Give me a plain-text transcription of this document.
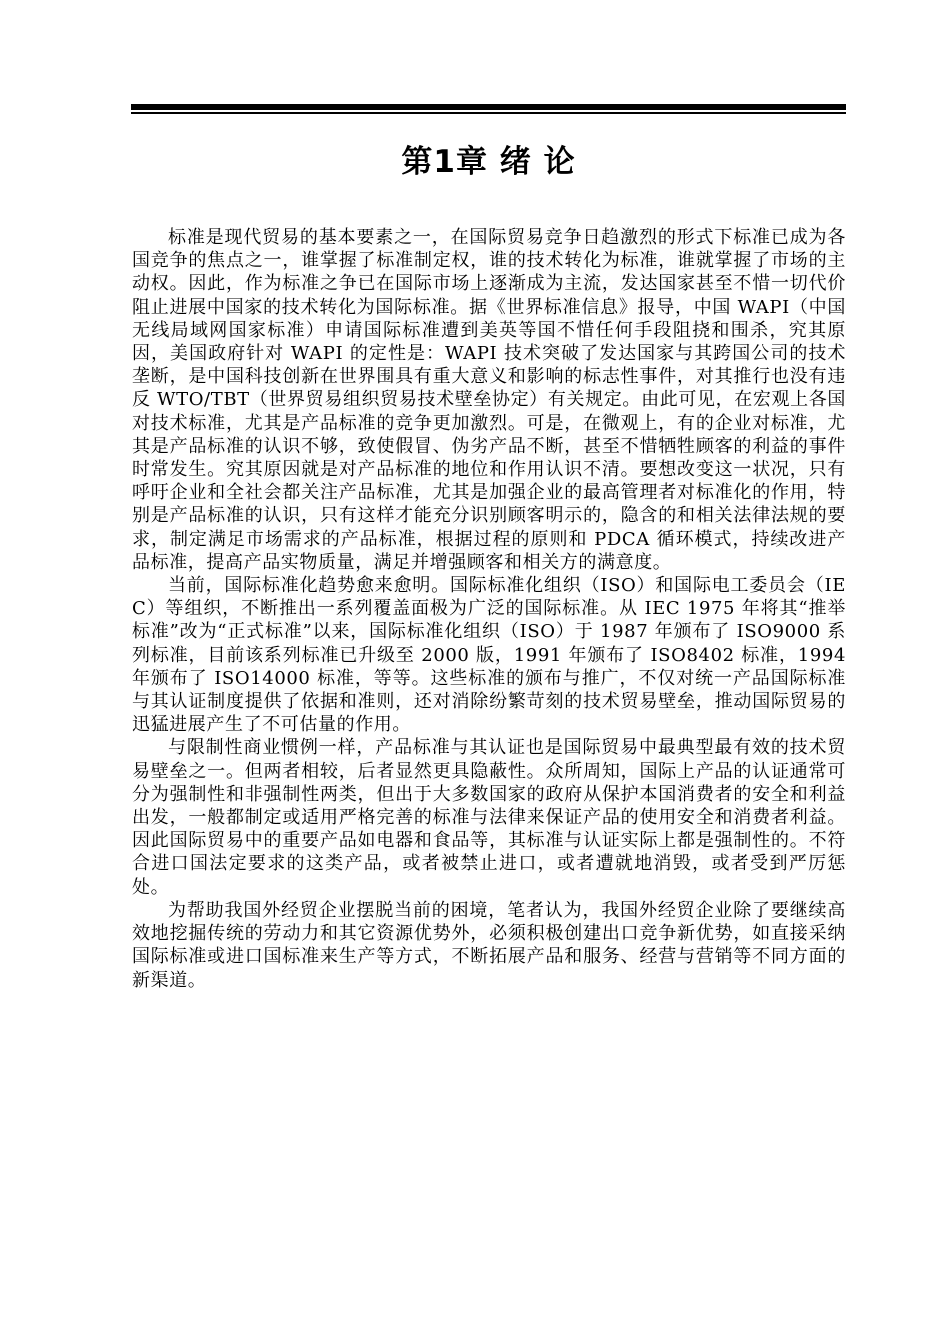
第1章 绪 论

标准是现代贸易的基本要素之一，在国际贸易竞争日趋激烈的形式下标准已成为各国竞争的焦点之一，谁掌握了标准制定权，谁的技术转化为标准，谁就掌握了市场的主动权。因此，作为标准之争已在国际市场上逐渐成为主流，发达国家甚至不惜一切代价阻止进展中国家的技术转化为国际标准。据《世界标准信息》报导，中国 WAPI（中国无线局域网国家标准）申请国际标准遭到美英等国不惜任何手段阻挠和围杀，究其原因，美国政府针对 WAPI 的定性是：WAPI 技术突破了发达国家与其跨国公司的技术垄断，是中国科技创新在世界围具有重大意义和影响的标志性事件，对其推行也没有违反 WTO/TBT（世界贸易组织贸易技术壁垒协定）有关规定。由此可见，在宏观上各国对技术标准，尤其是产品标准的竞争更加激烈。可是，在微观上，有的企业对标准，尤其是产品标准的认识不够，致使假冒、伪劣产品不断，甚至不惜牺牲顾客的利益的事件时常发生。究其原因就是对产品标准的地位和作用认识不清。要想改变这一状况，只有呼吁企业和全社会都关注产品标准，尤其是加强企业的最高管理者对标准化的作用，特别是产品标准的认识，只有这样才能充分识别顾客明示的，隐含的和相关法律法规的要求，制定满足市场需求的产品标准，根据过程的原则和 PDCA 循环模式，持续改进产品标准，提高产品实物质量，满足并增强顾客和相关方的满意度。

当前，国际标准化趋势愈来愈明。国际标准化组织（ISO）和国际电工委员会（IEC）等组织，不断推出一系列覆盖面极为广泛的国际标准。从 IEC 1975 年将其“推举标准”改为“正式标准”以来，国际标准化组织（ISO）于 1987 年颁布了 ISO9000 系列标准，目前该系列标准已升级至 2000 版，1991 年颁布了 ISO8402 标准，1994 年颁布了 ISO14000 标准，等等。这些标准的颁布与推广，不仅对统一产品国际标准与其认证制度提供了依据和准则，还对消除纷繁苛刻的技术贸易壁垒，推动国际贸易的迅猛进展产生了不可估量的作用。

与限制性商业惯例一样，产品标准与其认证也是国际贸易中最典型最有效的技术贸易壁垒之一。但两者相较，后者显然更具隐蔽性。众所周知，国际上产品的认证通常可分为强制性和非强制性两类，但出于大多数国家的政府从保护本国消费者的安全和利益出发，一般都制定或适用严格完善的标准与法律来保证产品的使用安全和消费者利益。因此国际贸易中的重要产品如电器和食品等，其标准与认证实际上都是强制性的。不符合进口国法定要求的这类产品，或者被禁止进口，或者遭就地消毁，或者受到严厉惩处。

为帮助我国外经贸企业摆脱当前的困境，笔者认为，我国外经贸企业除了要继续高效地挖掘传统的劳动力和其它资源优势外，必须积极创建出口竞争新优势，如直接采纳国际标准或进口国标准来生产等方式，不断拓展产品和服务、经营与营销等不同方面的新渠道。
